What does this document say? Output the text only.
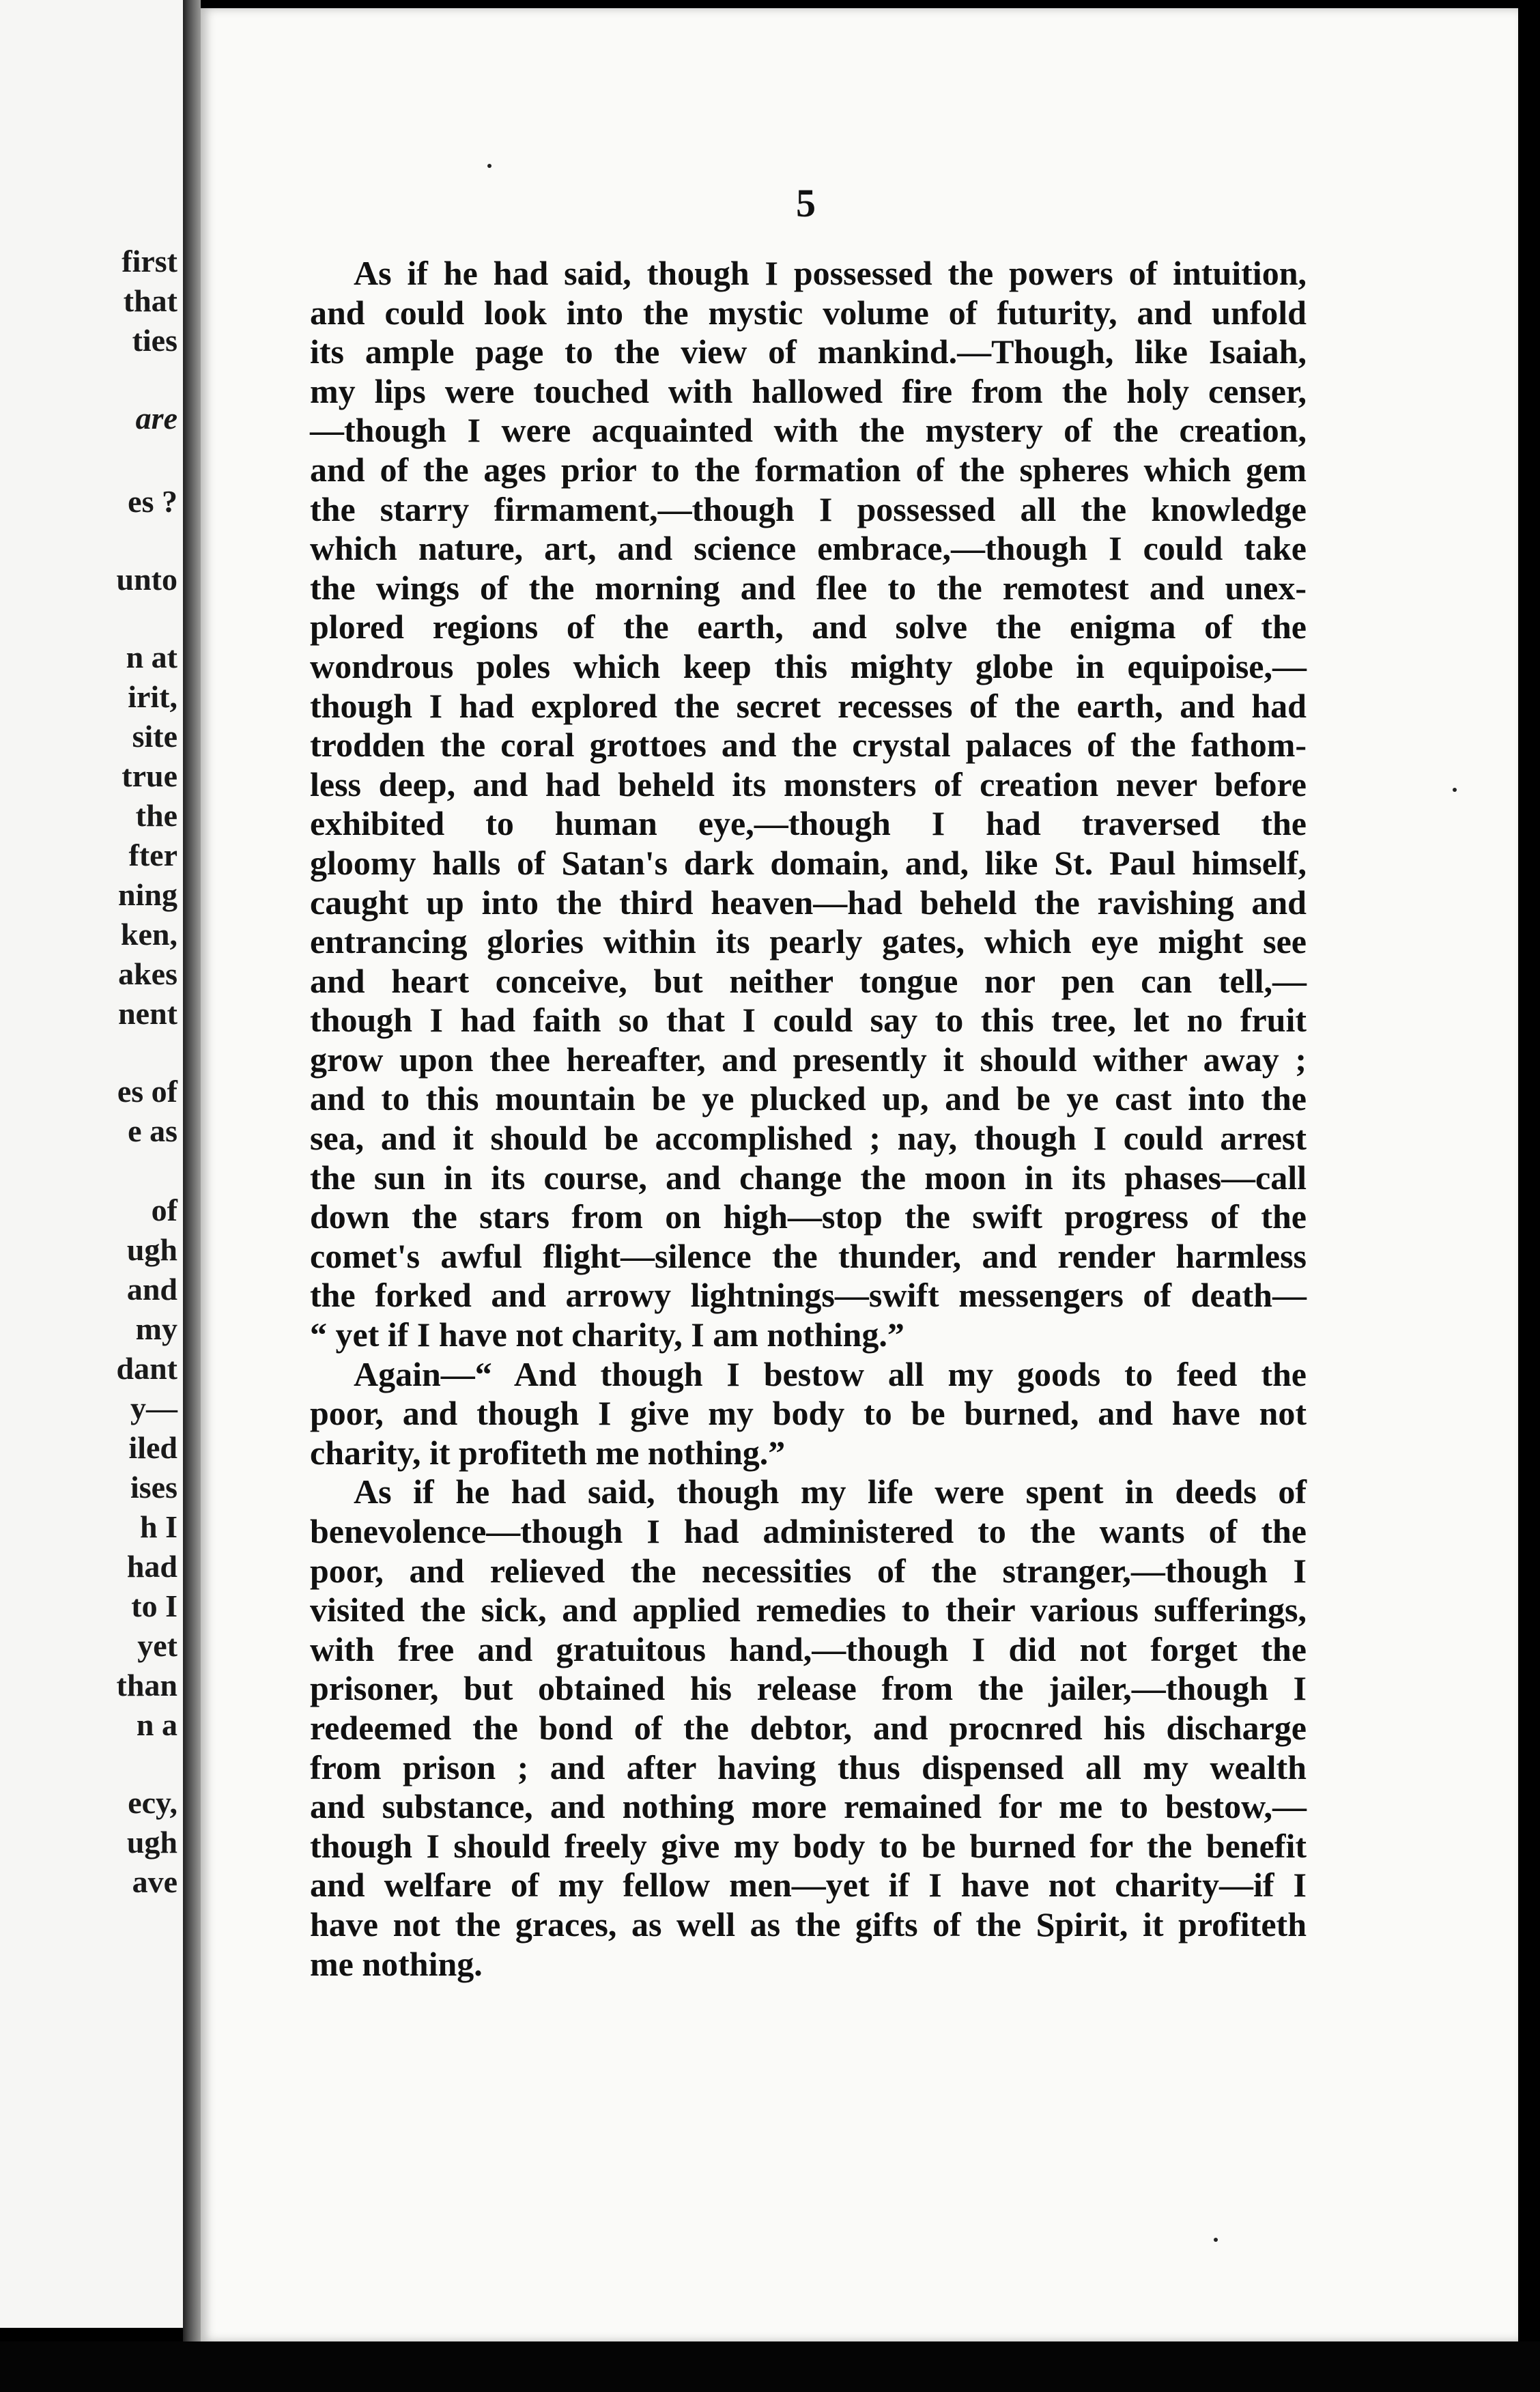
first
that
ties
are
es ?
unto
n at
irit,
site
true
the
fter
ning
ken,
akes
nent
es of
e as
of
ugh
and
my
dant
y—
iled
ises
h I
had
to I
yet
than
n a
ecy,
ugh
ave
5
As if he had said, though I possessed the powers of intuition,
and could look into the mystic volume of futurity, and unfold
its ample page to the view of mankind.—Though, like Isaiah,
my lips were touched with hallowed fire from the holy censer,
—though I were acquainted with the mystery of the creation,
and of the ages prior to the formation of the spheres which gem
the starry firmament,—though I possessed all the knowledge
which nature, art, and science embrace,—though I could take
the wings of the morning and flee to the remotest and unex-
plored regions of the earth, and solve the enigma of the
wondrous poles which keep this mighty globe in equipoise,—
though I had explored the secret recesses of the earth, and had
trodden the coral grottoes and the crystal palaces of the fathom-
less deep, and had beheld its monsters of creation never before
exhibited to human eye,—though I had traversed the
gloomy halls of Satan's dark domain, and, like St. Paul himself,
caught up into the third heaven—had beheld the ravishing and
entrancing glories within its pearly gates, which eye might see
and heart conceive, but neither tongue nor pen can tell,—
though I had faith so that I could say to this tree, let no fruit
grow upon thee hereafter, and presently it should wither away ;
and to this mountain be ye plucked up, and be ye cast into the
sea, and it should be accomplished ; nay, though I could arrest
the sun in its course, and change the moon in its phases—call
down the stars from on high—stop the swift progress of the
comet's awful flight—silence the thunder, and render harmless
the forked and arrowy lightnings—swift messengers of death—
“ yet if I have not charity, I am nothing.”
Again—“ And though I bestow all my goods to feed the
poor, and though I give my body to be burned, and have not
charity, it profiteth me nothing.”
As if he had said, though my life were spent in deeds of
benevolence—though I had administered to the wants of the
poor, and relieved the necessities of the stranger,—though I
visited the sick, and applied remedies to their various sufferings,
with free and gratuitous hand,—though I did not forget the
prisoner, but obtained his release from the jailer,—though I
redeemed the bond of the debtor, and procnred his discharge
from prison ; and after having thus dispensed all my wealth
and substance, and nothing more remained for me to bestow,—
though I should freely give my body to be burned for the benefit
and welfare of my fellow men—yet if I have not charity—if I
have not the graces, as well as the gifts of the Spirit, it profiteth
me nothing.
